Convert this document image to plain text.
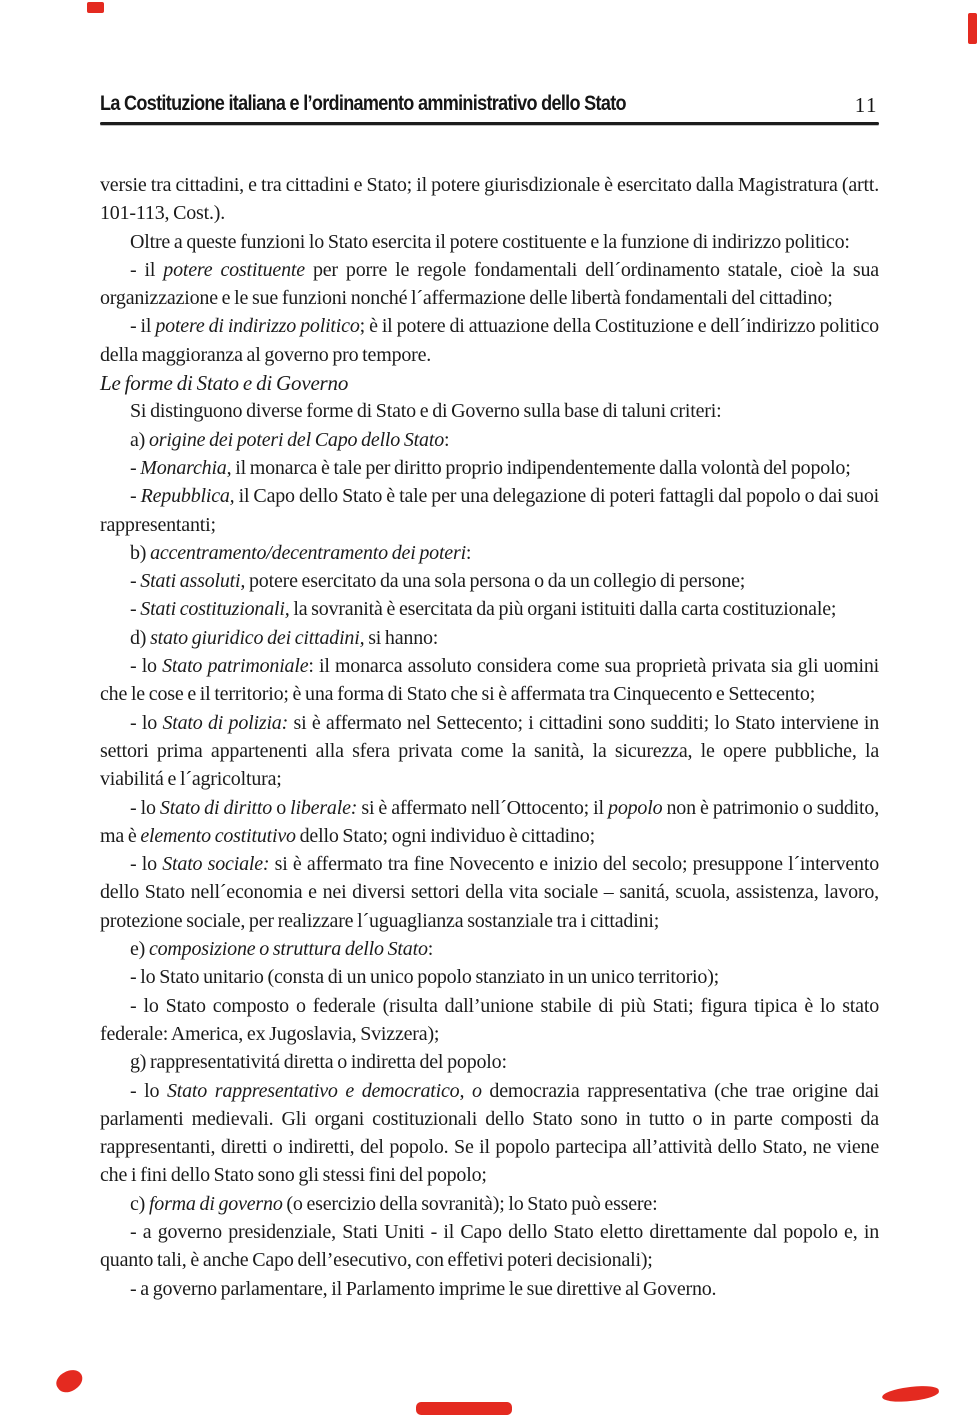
La Costituzione italiana e l’ordinamento amministrativo dello Stato	11

versie tra cittadini, e tra cittadini e Stato; il potere giurisdizionale è esercitato dalla Magistratura (artt. 101-113, Cost.).

Oltre a queste funzioni lo Stato esercita il potere costituente e la funzione di indirizzo politico:

- il potere costituente per porre le regole fondamentali dell´ordinamento statale, cioè la sua organizzazione e le sue funzioni nonché l´affermazione delle libertà fondamentali del cittadino;

- il potere di indirizzo politico; è il potere di attuazione della Costituzione e dell´indirizzo politico della maggioranza al governo pro tempore.

Le forme di Stato e di Governo

Si distinguono diverse forme di Stato e di Governo sulla base di taluni criteri:

a) origine dei poteri del Capo dello Stato:

- Monarchia, il monarca è tale per diritto proprio indipendentemente dalla volontà del popolo;

- Repubblica, il Capo dello Stato è tale per una delegazione di poteri fattagli dal popolo o dai suoi rappresentanti;

b) accentramento/decentramento dei poteri:

- Stati assoluti, potere esercitato da una sola persona o da un collegio di persone;

- Stati costituzionali, la sovranità è esercitata da più organi istituiti dalla carta costituzionale;

d) stato giuridico dei cittadini, si hanno:

- lo Stato patrimoniale: il monarca assoluto considera come sua proprietà privata sia gli uomini che le cose e il territorio; è una forma di Stato che si è affermata tra Cinquecento e Settecento;

- lo Stato di polizia: si è affermato nel Settecento; i cittadini sono sudditi; lo Stato interviene in settori prima appartenenti alla sfera privata come la sanità, la sicurezza, le opere pubbliche, la viabilitá e l´agricoltura;

- lo Stato di diritto o liberale: si è affermato nell´Ottocento; il popolo non è patrimonio o suddito, ma è elemento costitutivo dello Stato; ogni individuo è cittadino;

- lo Stato sociale: si è affermato tra fine Novecento e inizio del secolo; presuppone l´intervento dello Stato nell´economia e nei diversi settori della vita sociale – sanitá, scuola, assistenza, lavoro, protezione sociale, per realizzare l´uguaglianza sostanziale tra i cittadini;

e) composizione o struttura dello Stato:

- lo Stato unitario (consta di un unico popolo stanziato in un unico territorio);

- lo Stato composto o federale (risulta dall’unione stabile di più Stati; figura tipica è lo stato federale: America, ex Jugoslavia, Svizzera);

g) rappresentativitá diretta o indiretta del popolo:

- lo Stato rappresentativo e democratico, o democrazia rappresentativa (che trae origine dai parlamenti medievali. Gli organi costituzionali dello Stato sono in tutto o in parte composti da rappresentanti, diretti o indiretti, del popolo. Se il popolo partecipa all’attività dello Stato, ne viene che i fini dello Stato sono gli stessi fini del popolo;

c) forma di governo (o esercizio della sovranità); lo Stato può essere:

- a governo presidenziale, Stati Uniti - il Capo dello Stato eletto direttamente dal popolo e, in quanto tali, è anche Capo dell’esecutivo, con effetivi poteri decisionali);

- a governo parlamentare, il Parlamento imprime le sue direttive al Governo.
